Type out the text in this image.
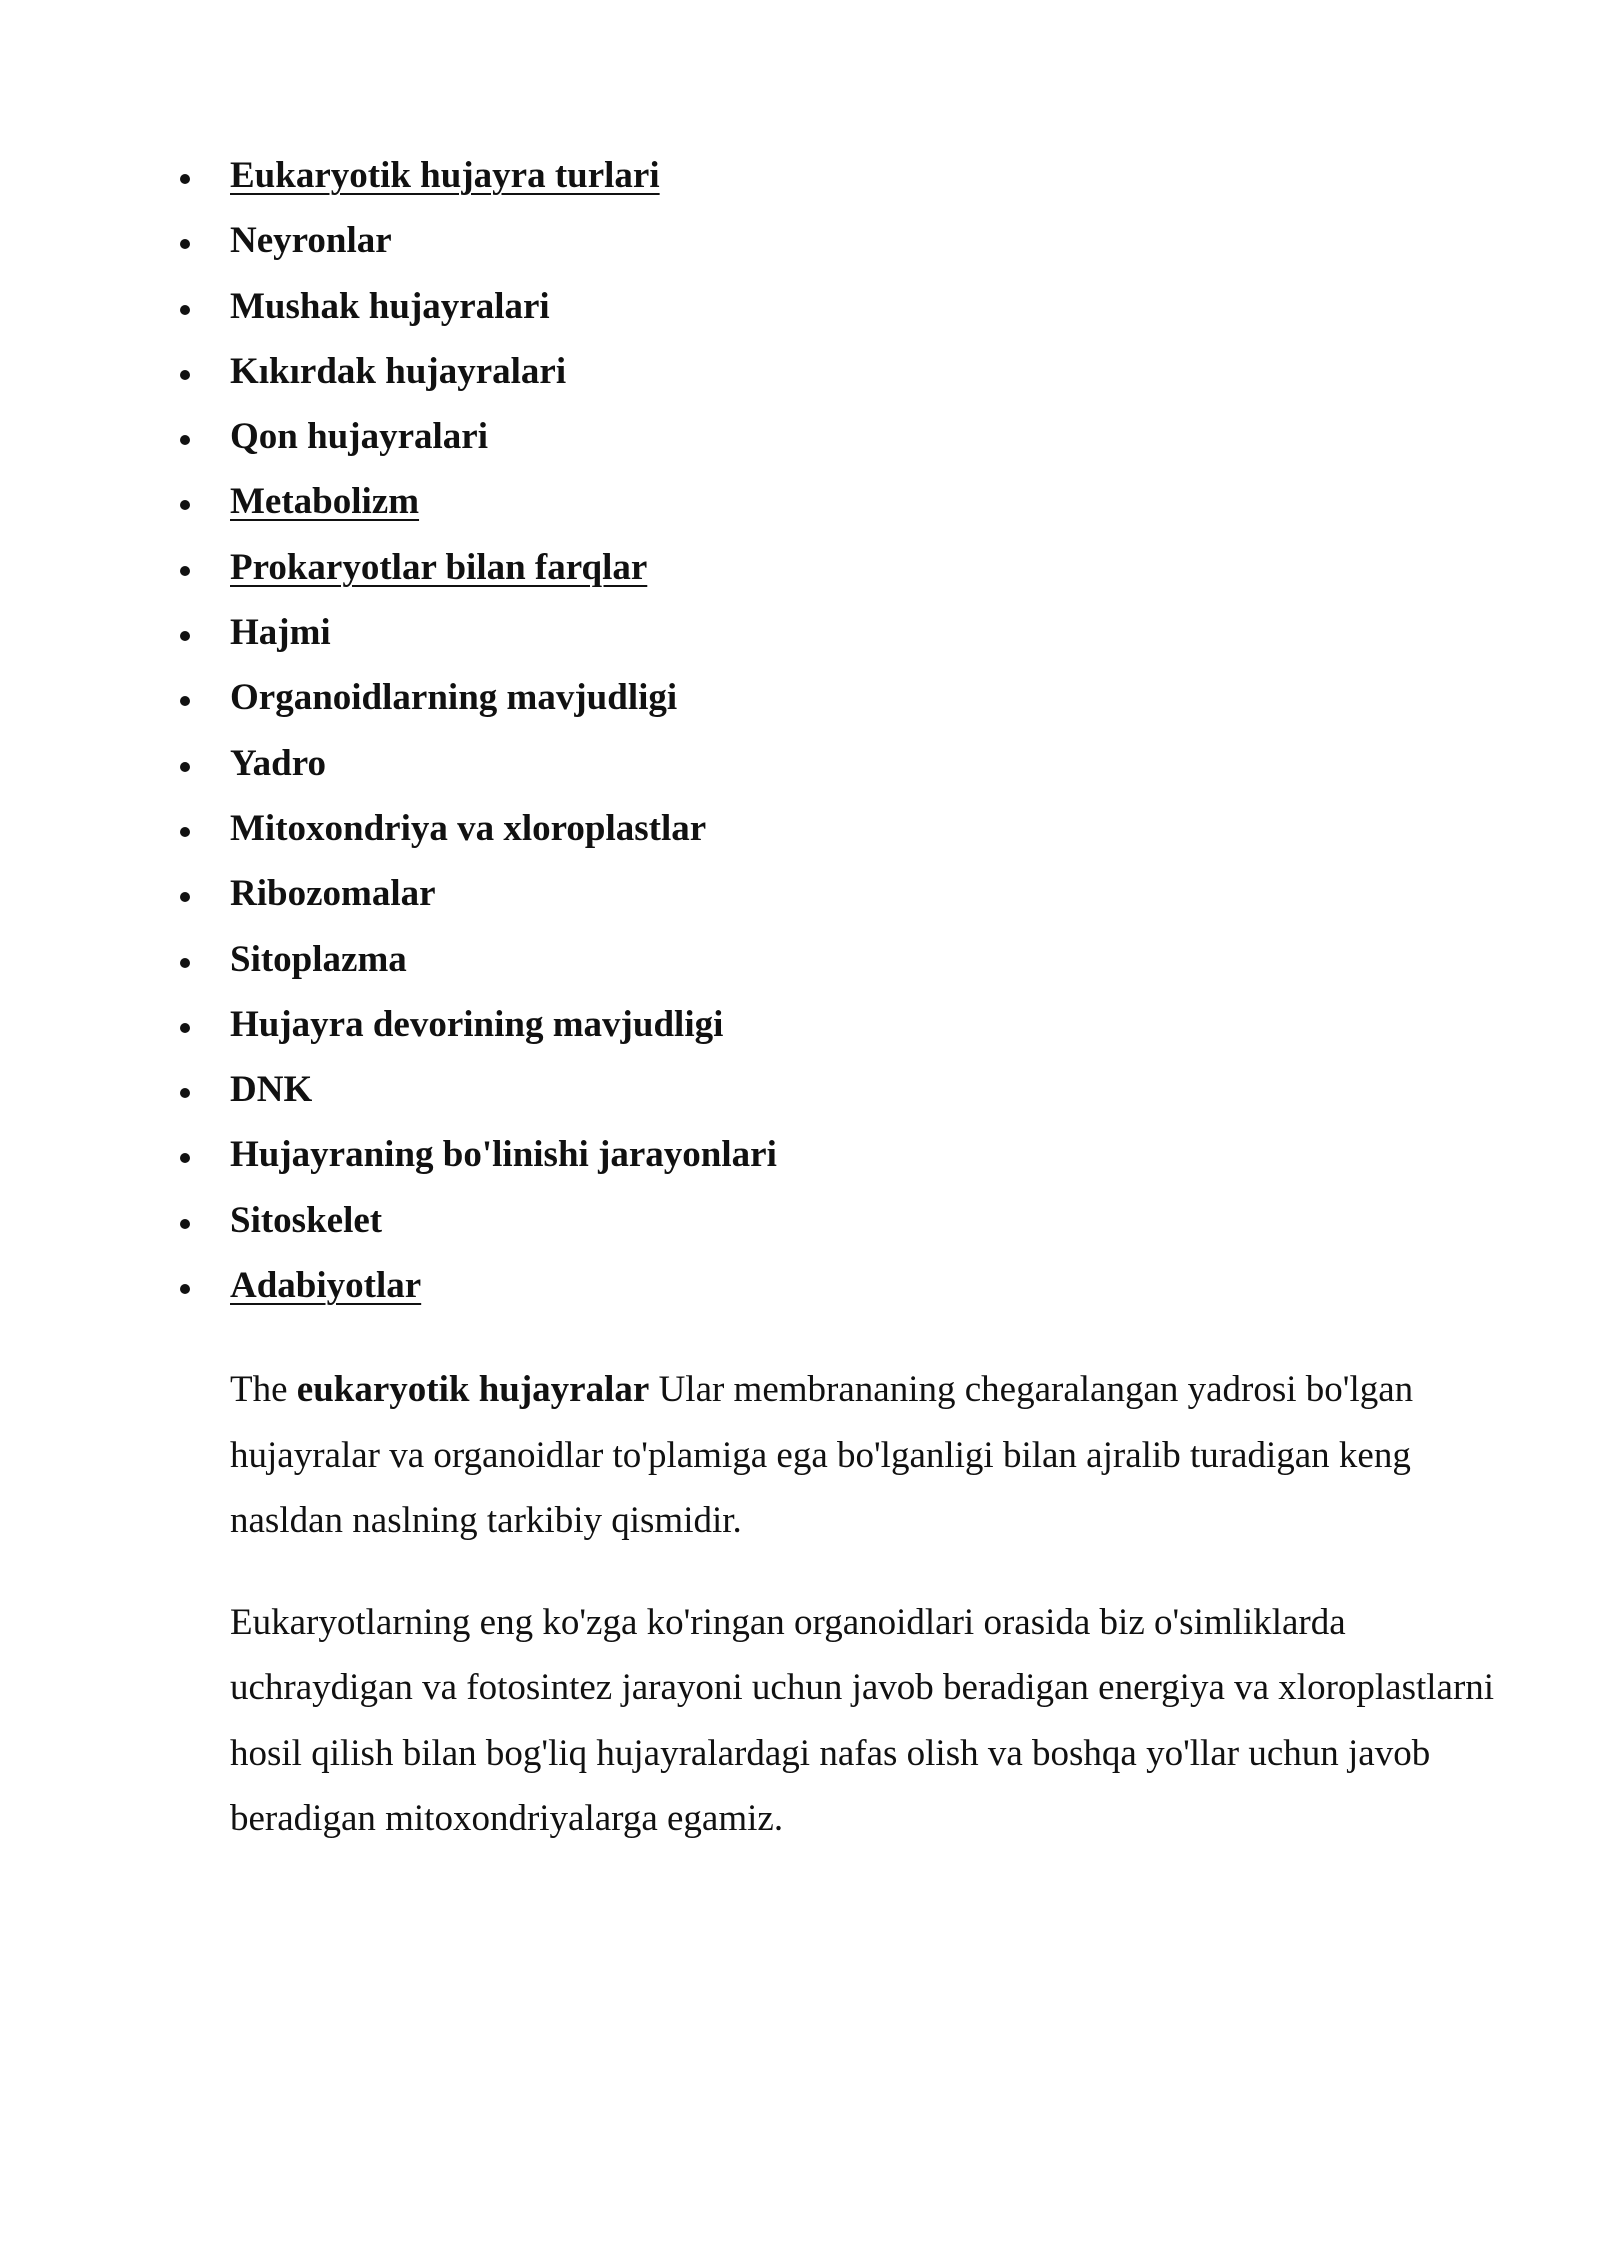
Eukaryotik hujayra turlari
Neyronlar
Mushak hujayralari
Kıkırdak hujayralari
Qon hujayralari
Metabolizm
Prokaryotlar bilan farqlar
Hajmi
Organoidlarning mavjudligi
Yadro
Mitoxondriya va xloroplastlar
Ribozomalar
Sitoplazma
Hujayra devorining mavjudligi
DNK
Hujayraning bo'linishi jarayonlari
Sitoskelet
Adabiyotlar

The eukaryotik hujayralar Ular membrananing chegaralangan yadrosi bo'lgan hujayralar va organoidlar to'plamiga ega bo'lganligi bilan ajralib turadigan keng nasldan naslning tarkibiy qismidir.

Eukaryotlarning eng ko'zga ko'ringan organoidlari orasida biz o'simliklarda uchraydigan va fotosintez jarayoni uchun javob beradigan energiya va xloroplastlarni hosil qilish bilan bog'liq hujayralardagi nafas olish va boshqa yo'llar uchun javob beradigan mitoxondriyalarga egamiz.
